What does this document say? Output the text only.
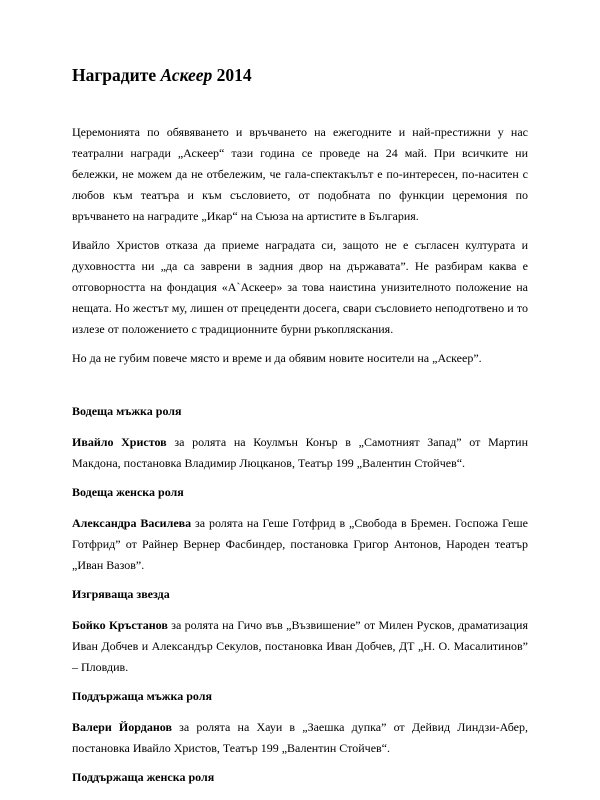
Наградите Аскеер 2014

Церемонията по обявяването и връчването на ежегодните и най-престижни у нас театрални награди „Аскеер“ тази година се проведе на 24 май. При всичките ни бележки, не можем да не отбележим, че гала-спектакълът е по-интересен, по-наситен с любов към театъра и към съсловието, от подобната по функции церемония по връчването на наградите „Икар“ на Съюза на артистите в България.

Ивайло Христов отказа да приеме наградата си, защото не е съгласен културата и духовността ни „да са заврени в задния двор на държавата”. Не разбирам каква е отговорността на фондация «А`Аскеер» за това наистина унизителното положение на нещата. Но жестът му, лишен от прецеденти досега, свари съсловието неподготвено и то излезе от положението с традиционните бурни ръкопляскания.

Но да не губим повече място и време и да обявим новите носители на „Аскеер”.

Водеща мъжка роля

Ивайло Христов за ролята на Коулмън Конър в „Самотният Запад” от Мартин Макдона, постановка Владимир Люцканов, Театър 199 „Валентин Стойчев“.

Водеща женска роля

Александра Василева за ролята на Геше Готфрид в „Свобода в Бремен. Госпожа Геше Готфрид” от Райнер Вернер Фасбиндер, постановка Григор Антонов, Народен театър „Иван Вазов”.

Изгряваща звезда

Бойко Кръстанов за ролята на Гичо във „Възвишение” от Милен Русков, драматизация Иван Добчев и Александър Секулов, постановка Иван Добчев, ДТ „Н. О. Масалитинов” – Пловдив.

Поддържаща мъжка роля

Валери Йорданов за ролята на Хауи в „Заешка дупка” от Дейвид Линдзи-Абер, постановка Ивайло Христов, Театър 199 „Валентин Стойчев“.

Поддържаща женска роля
